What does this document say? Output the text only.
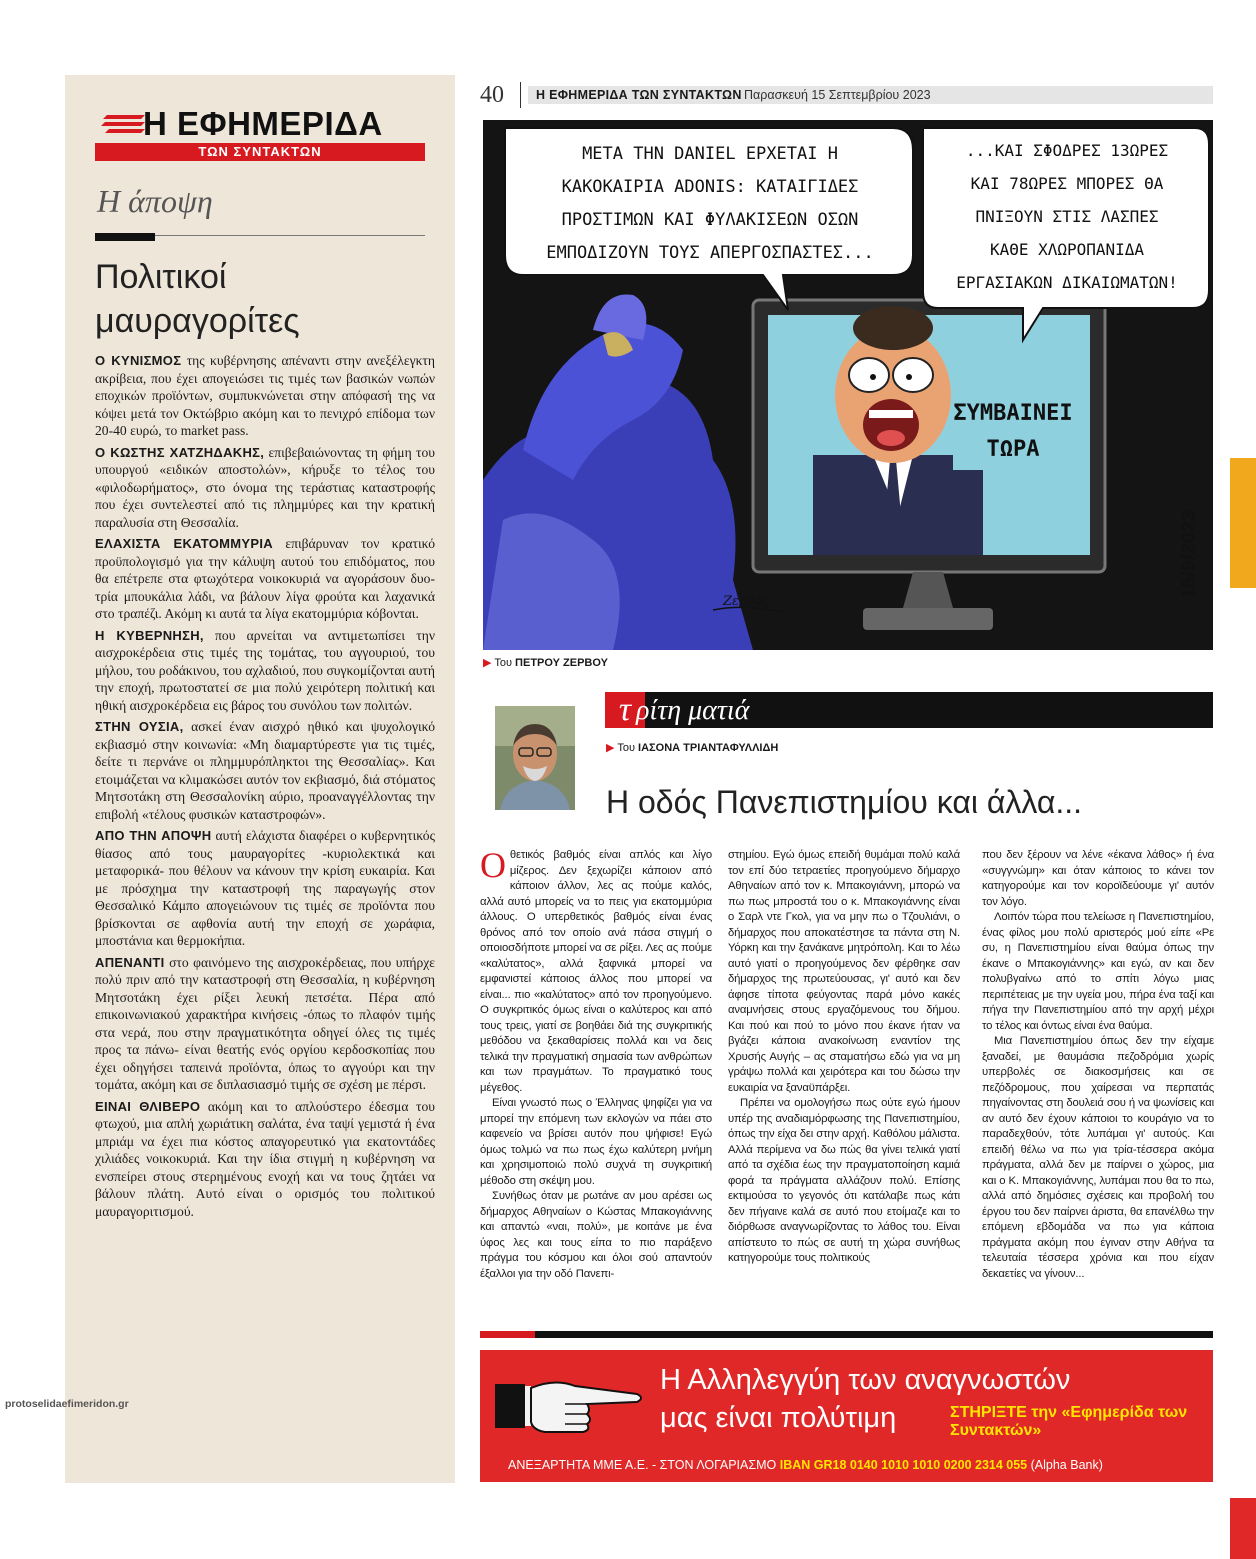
Η ΕΦΗΜΕΡΙΔΑ
ΤΩΝ ΣΥΝΤΑΚΤΩΝ
Η άποψη
Πολιτικοί μαυραγορίτες

Ο ΚΥΝΙΣΜΟΣ της κυβέρνησης απέναντι στην ανεξέλεγκτη ακρίβεια, που έχει απογειώσει τις τιμές των βασικών νωπών εποχικών προϊόντων, συμπυκνώνεται στην απόφασή της να κόψει μετά τον Οκτώβριο ακόμη και το πενιχρό επίδομα των 20-40 ευρώ, το market pass.

Ο ΚΩΣΤΗΣ ΧΑΤΖΗΔΑΚΗΣ, επιβεβαιώνοντας τη φήμη του υπουργού «ειδικών αποστολών», κήρυξε το τέλος του «φιλοδωρήματος», στο όνομα της τεράστιας καταστροφής που έχει συντελεστεί από τις πλημμύρες και την κρατική παραλυσία στη Θεσσαλία.

ΕΛΑΧΙΣΤΑ ΕΚΑΤΟΜΜΥΡΙΑ επιβάρυναν τον κρατικό προϋπολογισμό για την κάλυψη αυτού του επιδόματος, που θα επέτρεπε στα φτωχότερα νοικοκυριά να αγοράσουν δυο-τρία μπουκάλια λάδι, να βάλουν λίγα φρούτα και λαχανικά στο τραπέζι. Ακόμη κι αυτά τα λίγα εκατομμύρια κόβονται.

Η ΚΥΒΕΡΝΗΣΗ, που αρνείται να αντιμετωπίσει την αισχροκέρδεια στις τιμές της τομάτας, του αγγουριού, του μήλου, του ροδάκινου, του αχλαδιού, που συγκομίζονται αυτή την εποχή, πρωτοστατεί σε μια πολύ χειρότερη πολιτική και ηθική αισχροκέρδεια εις βάρος του συνόλου των πολιτών.

ΣΤΗΝ ΟΥΣΙΑ, ασκεί έναν αισχρό ηθικό και ψυχολογικό εκβιασμό στην κοινωνία: «Μη διαμαρτύρεστε για τις τιμές, δείτε τι περνάνε οι πλημμυρόπληκτοι της Θεσσαλίας». Και ετοιμάζεται να κλιμακώσει αυτόν τον εκβιασμό, διά στόματος Μητσοτάκη στη Θεσσαλονίκη αύριο, προαναγγέλλοντας την επιβολή «τέλους φυσικών καταστροφών».

ΑΠΟ ΤΗΝ ΑΠΟΨΗ αυτή ελάχιστα διαφέρει ο κυβερνητικός θίασος από τους μαυραγορίτες -κυριολεκτικά και μεταφορικά- που θέλουν να κάνουν την κρίση ευκαιρία. Και με πρόσχημα την καταστροφή της παραγωγής στον Θεσσαλικό Κάμπο απογειώνουν τις τιμές σε προϊόντα που βρίσκονται σε αφθονία αυτή την εποχή σε χωράφια, μποστάνια και θερμοκήπια.

ΑΠΕΝΑΝΤΙ στο φαινόμενο της αισχροκέρδειας, που υπήρχε πολύ πριν από την καταστροφή στη Θεσσαλία, η κυβέρνηση Μητσοτάκη έχει ρίξει λευκή πετσέτα. Πέρα από επικοινωνιακού χαρακτήρα κινήσεις -όπως το πλαφόν τιμής στα νερά, που στην πραγματικότητα οδηγεί όλες τις τιμές προς τα πάνω- είναι θεατής ενός οργίου κερδοσκοπίας που έχει οδηγήσει ταπεινά προϊόντα, όπως το αγγούρι και την τομάτα, ακόμη και σε διπλασιασμό τιμής σε σχέση με πέρσι.

ΕΙΝΑΙ ΘΛΙΒΕΡΟ ακόμη και το απλούστερο έδεσμα του φτωχού, μια απλή χωριάτικη σαλάτα, ένα ταψί γεμιστά ή ένα μπριάμ να έχει πια κόστος απαγορευτικό για εκατοντάδες χιλιάδες νοικοκυριά. Και την ίδια στιγμή η κυβέρνηση να ενσπείρει στους στερημένους ενοχή και να τους ζητάει να βάλουν πλάτη. Αυτό είναι ο ορισμός του πολιτικού μαυραγοριτισμού.

protoselidaefimeridon.gr
40	Η ΕΦΗΜΕΡΙΔΑ ΤΩΝ ΣΥΝΤΑΚΤΩΝ Παρασκευή 15 Σεπτεμβρίου 2023
ΜΕΤΑ ΤΗΝ DANIEL ΕΡΧΕΤΑΙ Η
ΚΑΚΟΚΑΙΡΙΑ ADONIS: ΚΑΤΑΙΓΙΔΕΣ
ΠΡΟΣΤΙΜΩΝ ΚΑΙ ΦΥΛΑΚΙΣΕΩΝ ΟΣΩΝ
ΕΜΠΟΔΙΖΟΥΝ ΤΟΥΣ ΑΠΕΡΓΟΣΠΑΣΤΕΣ...
...ΚΑΙ ΣΦΟΔΡΕΣ 13ΩΡΕΣ
ΚΑΙ 78ΩΡΕΣ ΜΠΟΡΕΣ ΘΑ
ΠΝΙΞΟΥΝ ΣΤΙΣ ΛΑΣΠΕΣ
ΚΑΘΕ ΧΛΩΡΟΠΑΝΙΔΑ
ΕΡΓΑΣΙΑΚΩΝ ΔΙΚΑΙΩΜΑΤΩΝ!
ΣΥΜΒΑΙΝΕΙ
ΤΩΡΑ
Ζερβός
▶ Του ΠΕΤΡΟΥ ΖΕΡΒΟΥ
τ ρίτη ματιά
▶ Του ΙΑΣΟΝΑ ΤΡΙΑΝΤΑΦΥΛΛΙΔΗ
Η οδός Πανεπιστημίου και άλλα...

Οθετικός βαθμός είναι απλός και λίγο μίζερος. Δεν ξεχωρίζει κάποιον από κάποιον άλλον, λες ας πούμε καλός, αλλά αυτό μπορείς να το πεις για εκατομμύρια άλλους. Ο υπερθετικός βαθμός είναι ένας θρόνος από τον οποίο ανά πάσα στιγμή ο οποιοσδήποτε μπορεί να σε ρίξει. Λες ας πούμε «καλύτατος», αλλά ξαφνικά μπορεί να εμφανιστεί κάποιος άλλος που μπορεί να είναι... πιο «καλύτατος» από τον προηγούμενο. Ο συγκριτικός όμως είναι ο καλύτερος και από τους τρεις, γιατί σε βοηθάει διά της συγκριτικής μεθόδου να ξεκαθαρίσεις πολλά και να δεις τελικά την πραγματική σημασία των ανθρώπων και των πραγμάτων. Το πραγματικό τους μέγεθος.

Είναι γνωστό πως ο Έλληνας ψηφίζει για να μπορεί την επόμενη των εκλογών να πάει στο καφενείο να βρίσει αυτόν που ψήφισε! Εγώ όμως τολμώ να πω πως έχω καλύτερη μνήμη και χρησιμοποιώ πολύ συχνά τη συγκριτική μέθοδο στη σκέψη μου.

Συνήθως όταν με ρωτάνε αν μου αρέσει ως δήμαρχος Αθηναίων ο Κώστας Μπακογιάννης και απαντώ «ναι, πολύ», με κοιτάνε με ένα ύφος λες και τους είπα το πιο παράξενο πράγμα του κόσμου και όλοι σού απαντούν έξαλλοι για την οδό Πανεπι-

στημίου. Εγώ όμως επειδή θυμάμαι πολύ καλά τον επί δύο τετραετίες προηγούμενο δήμαρχο Αθηναίων από τον κ. Μπακογιάννη, μπορώ να πω πως μπροστά του ο κ. Μπακογιάννης είναι ο Σαρλ ντε Γκολ, για να μην πω ο Τζουλιάνι, ο δήμαρχος που αποκατέστησε τα πάντα στη Ν. Υόρκη και την ξανάκανε μητρόπολη. Και το λέω αυτό γιατί ο προηγούμενος δεν φέρθηκε σαν δήμαρχος της πρωτεύουσας, γι' αυτό και δεν άφησε τίποτα φεύγοντας παρά μόνο κακές αναμνήσεις στους εργαζόμενους του δήμου. Και πού και πού το μόνο που έκανε ήταν να βγάζει κάποια ανακοίνωση εναντίον της Χρυσής Αυγής – ας σταματήσω εδώ για να μη γράψω πολλά και χειρότερα και του δώσω την ευκαιρία να ξαναϋπάρξει.

Πρέπει να ομολογήσω πως ούτε εγώ ήμουν υπέρ της αναδιαμόρφωσης της Πανεπιστημίου, όπως την είχα δει στην αρχή. Καθόλου μάλιστα. Αλλά περίμενα να δω πώς θα γίνει τελικά γιατί από τα σχέδια έως την πραγματοποίηση καμιά φορά τα πράγματα αλλάζουν πολύ. Επίσης εκτιμούσα το γεγονός ότι κατάλαβε πως κάτι δεν πήγαινε καλά σε αυτό που ετοίμαζε και το διόρθωσε αναγνωρίζοντας το λάθος του. Είναι απίστευτο το πώς σε αυτή τη χώρα συνήθως κατηγορούμε τους πολιτικούς

που δεν ξέρουν να λένε «έκανα λάθος» ή ένα «συγγνώμη» και όταν κάποιος το κάνει τον κατηγορούμε και τον κοροϊδεύουμε γι' αυτόν τον λόγο.

Λοιπόν τώρα που τελείωσε η Πανεπιστημίου, ένας φίλος μου πολύ αριστερός μού είπε «Ρε συ, η Πανεπιστημίου είναι θαύμα όπως την έκανε ο Μπακογιάννης» και εγώ, αν και δεν πολυβγαίνω από το σπίτι λόγω μιας περιπέτειας με την υγεία μου, πήρα ένα ταξί και πήγα την Πανεπιστημίου από την αρχή μέχρι το τέλος και όντως είναι ένα θαύμα.

Μια Πανεπιστημίου όπως δεν την είχαμε ξαναδεί, με θαυμάσια πεζοδρόμια χωρίς υπερβολές σε διακοσμήσεις και σε πεζόδρομους, που χαίρεσαι να περπατάς πηγαίνοντας στη δουλειά σου ή να ψωνίσεις και αν αυτό δεν έχουν κάποιοι το κουράγιο να το παραδεχθούν, τότε λυπάμαι γι' αυτούς. Και επειδή θέλω να πω για τρία-τέσσερα ακόμα πράγματα, αλλά δεν με παίρνει ο χώρος, μια και ο Κ. Μπακογιάννης, λυπάμαι που θα το πω, αλλά από δημόσιες σχέσεις και προβολή του έργου του δεν παίρνει άριστα, θα επανέλθω την επόμενη εβδομάδα να πω για κάποια πράγματα ακόμη που έγιναν στην Αθήνα τα τελευταία τέσσερα χρόνια και που είχαν δεκαετίες να γίνουν...

Η Αλληλεγγύη των αναγνωστών
μας είναι πολύτιμη	ΣΤΗΡΙΞΤΕ την «Εφημερίδα των Συντακτών»
ΑΝΕΞΑΡΤΗΤΑ ΜΜΕ Α.Ε. - ΣΤΟΝ ΛΟΓΑΡΙΑΣΜΟ IBAN GR18 0140 1010 1010 0200 2314 055 (Alpha Bank)
15/9/2023
